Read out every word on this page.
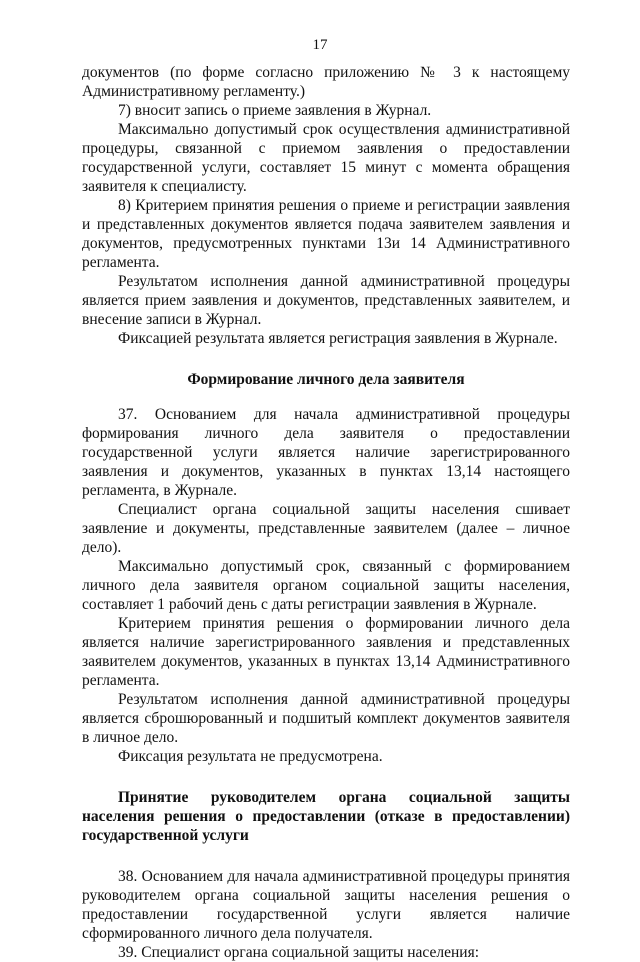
17

документов (по форме согласно приложению № 3 к настоящему Административному регламенту.)

7) вносит запись о приеме заявления в Журнал.

Максимально допустимый срок осуществления административной процедуры, связанной с приемом заявления о предоставлении государственной услуги, составляет 15 минут с момента обращения заявителя к специалисту.

8) Критерием принятия решения о приеме и регистрации заявления и представленных документов является подача заявителем заявления и документов, предусмотренных пунктами 13и 14 Административного регламента.

Результатом исполнения данной административной процедуры является прием заявления и документов, представленных заявителем, и внесение записи в Журнал.

Фиксацией результата является регистрация заявления в Журнале.

Формирование личного дела заявителя

37. Основанием для начала административной процедуры формирования личного дела заявителя о предоставлении государственной услуги является наличие зарегистрированного заявления и документов, указанных в пунктах 13,14 настоящего регламента, в Журнале.

Специалист органа социальной защиты населения сшивает заявление и документы, представленные заявителем (далее – личное дело).

Максимально допустимый срок, связанный с формированием личного дела заявителя органом социальной защиты населения, составляет 1 рабочий день с даты регистрации заявления в Журнале.

Критерием принятия решения о формировании личного дела является наличие зарегистрированного заявления и представленных заявителем документов, указанных в пунктах 13,14 Административного регламента.

Результатом исполнения данной административной процедуры является сброшюрованный и подшитый комплект документов заявителя в личное дело.

Фиксация результата не предусмотрена.

Принятие руководителем органа социальной защиты населения решения о предоставлении (отказе в предоставлении) государственной услуги

38. Основанием для начала административной процедуры принятия руководителем органа социальной защиты населения решения о предоставлении государственной услуги является наличие сформированного личного дела получателя.

39. Специалист органа социальной защиты населения:
